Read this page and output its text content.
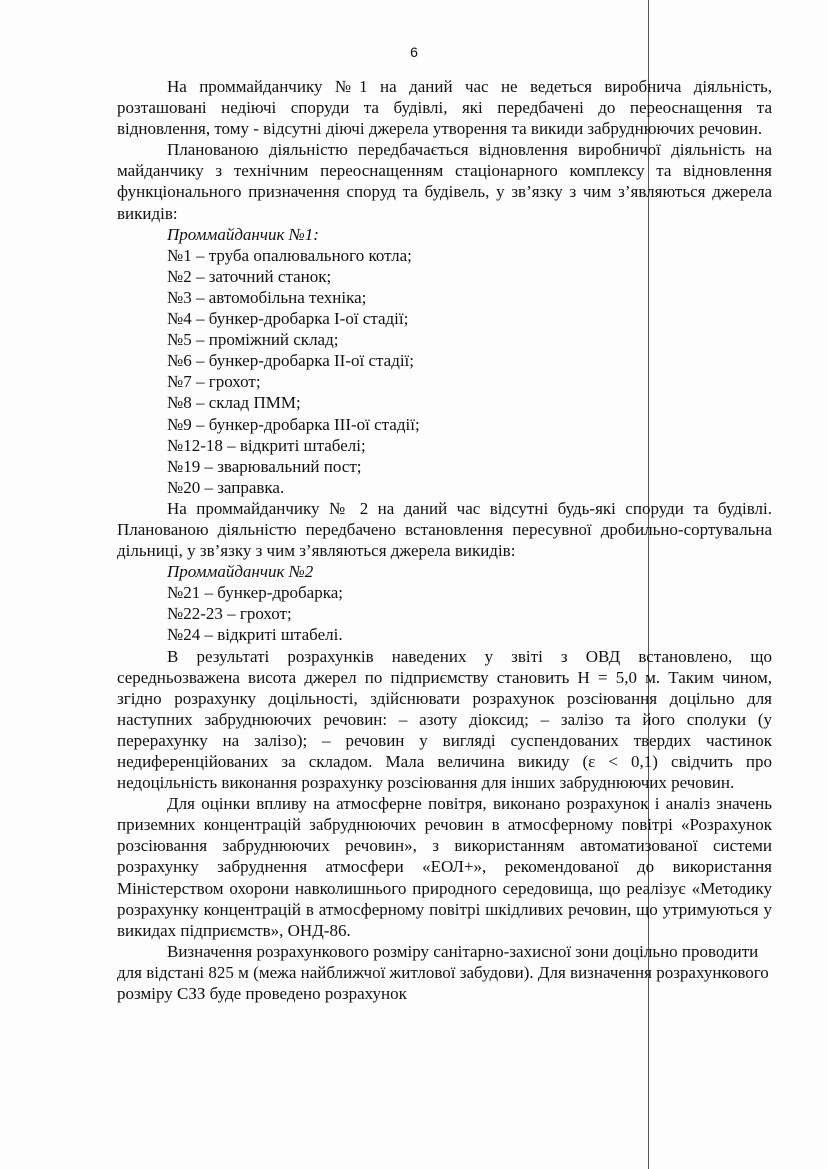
6

На проммайданчику №1 на даний час не ведеться виробнича діяльність, розташовані недіючі споруди та будівлі, які передбачені до переоснащення та відновлення, тому - відсутні діючі джерела утворення та викиди забруднюючих речовин.

Планованою діяльністю передбачається відновлення виробничої діяльність на майданчику з технічним переоснащенням стаціонарного комплексу та відновлення функціонального призначення споруд та будівель, у зв’язку з чим з’являються джерела викидів:

Проммайданчик №1:

№1 – труба опалювального котла;

№2 – заточний станок;

№3 – автомобільна техніка;

№4 – бункер-дробарка І-ої стадії;

№5 – проміжний склад;

№6 – бункер-дробарка ІІ-ої стадії;

№7 – грохот;

№8 – склад ПММ;

№9 – бункер-дробарка ІІІ-ої стадії;

№12-18 – відкриті штабелі;

№19 – зварювальний пост;

№20 – заправка.

На проммайданчику № 2 на даний час відсутні будь-які споруди та будівлі. Планованою діяльністю передбачено встановлення пересувної дробильно-сортувальна дільниці, у зв’язку з чим з’являються джерела викидів:

Проммайданчик №2

№21 – бункер-дробарка;

№22-23 – грохот;

№24 – відкриті штабелі.

В результаті розрахунків наведених у звіті з ОВД встановлено, що середньозважена висота джерел по підприємству становить Н = 5,0 м. Таким чином, згідно розрахунку доцільності, здійснювати розрахунок розсіювання доцільно для наступних забруднюючих речовин: – азоту діоксид; – залізо та його сполуки (у перерахунку на залізо); – речовин у вигляді суспендованих твердих частинок недиференційованих за складом. Мала величина викиду (ε < 0,1) свідчить про недоцільність виконання розрахунку розсіювання для інших забруднюючих речовин.

Для оцінки впливу на атмосферне повітря, виконано розрахунок і аналіз значень приземних концентрацій забруднюючих речовин в атмосферному повітрі «Розрахунок розсіювання забруднюючих речовин», з використанням автоматизованої системи розрахунку забруднення атмосфери «ЕОЛ+», рекомендованої до використання Міністерством охорони навколишнього природного середовища, що реалізує «Методику розрахунку концентрацій в атмосферному повітрі шкідливих речовин, що утримуються у викидах підприємств», ОНД-86.

Визначення розрахункового розміру санітарно-захисної зони доцільно проводити для відстані 825 м (межа найближчої житлової забудови). Для визначення розрахункового розміру СЗЗ буде проведено розрахунок
